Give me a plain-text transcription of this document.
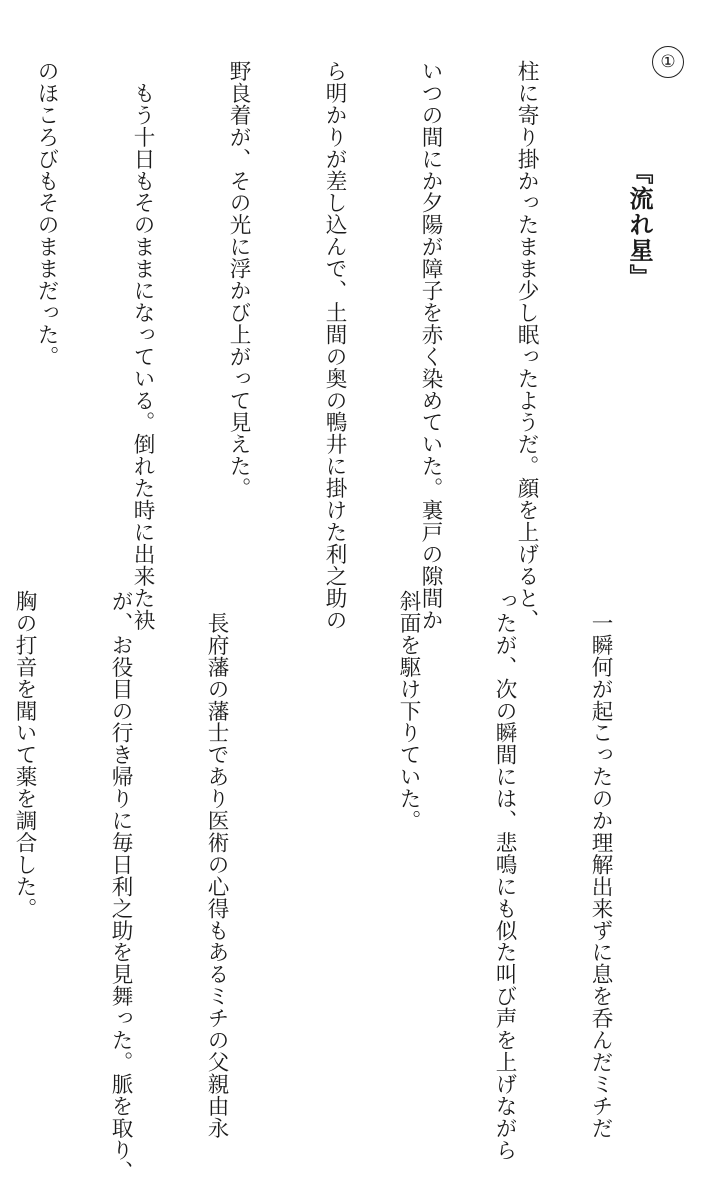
①
『流れ星』

柱に寄り掛かったまま少し眠ったようだ。顔を上げると、

いつの間にか夕陽が障子を赤く染めていた。裏戸の隙間か

ら明かりが差し込んで、土間の奥の鴨井に掛けた利之助の

野良着が、その光に浮かび上がって見えた。

　もう十日もそのままになっている。倒れた時に出来た袂

のほころびもそのままだった。

　一瞬何が起こったのか理解出来ずに息を呑んだミチだ

ったが、次の瞬間には、悲鳴にも似た叫び声を上げながら

斜面を駆け下りていた。

　長府藩の藩士であり医術の心得もあるミチの父親由永

が、お役目の行き帰りに毎日利之助を見舞った。脈を取り、

胸の打音を聞いて薬を調合した。
